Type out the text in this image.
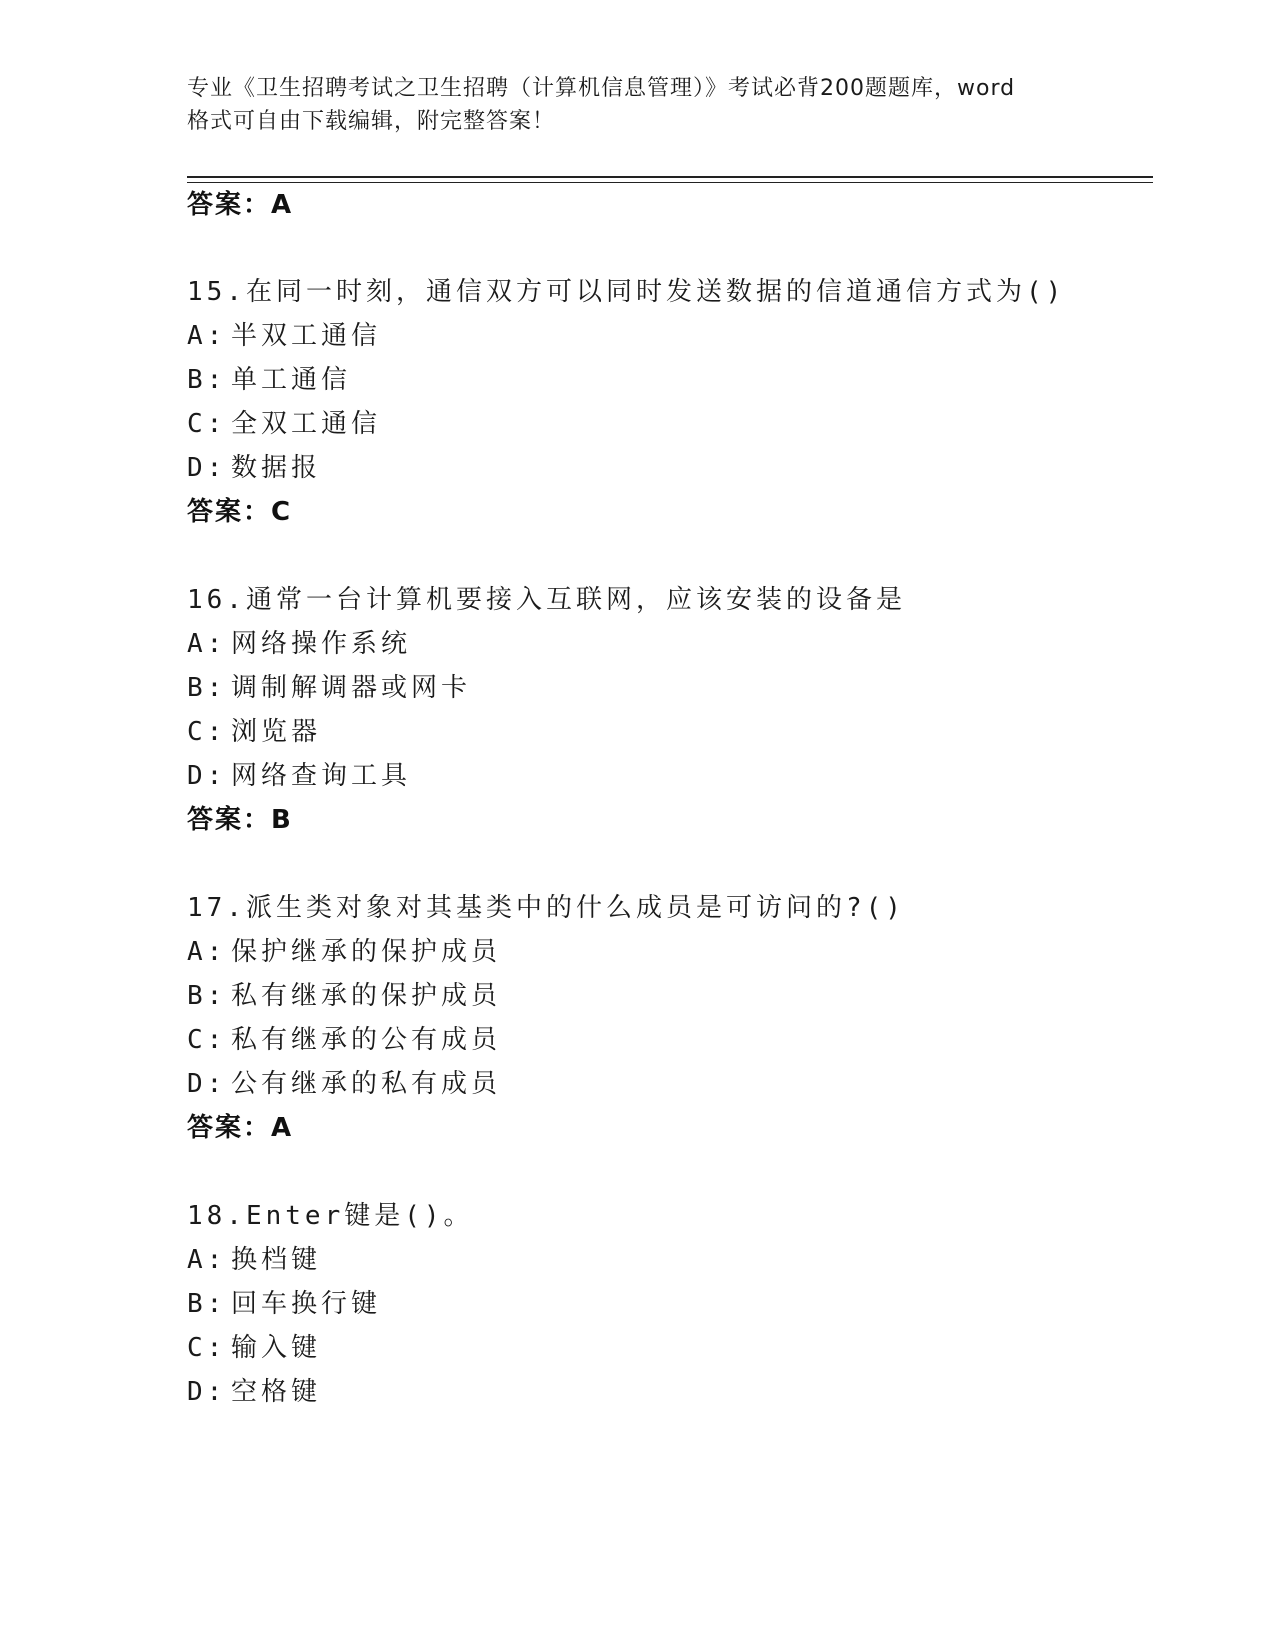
专业《卫生招聘考试之卫生招聘（计算机信息管理）》考试必背200题题库，word
格式可自由下载编辑，附完整答案！
答案：A
15.在同一时刻，通信双方可以同时发送数据的信道通信方式为()
A: 半双工通信
B: 单工通信
C: 全双工通信
D: 数据报
答案：C
16.通常一台计算机要接入互联网，应该安装的设备是
A: 网络操作系统
B: 调制解调器或网卡
C: 浏览器
D: 网络查询工具
答案：B
17.派生类对象对其基类中的什么成员是可访问的?()
A: 保护继承的保护成员
B: 私有继承的保护成员
C: 私有继承的公有成员
D: 公有继承的私有成员
答案：A
18.Enter键是()。
A: 换档键
B: 回车换行键
C: 输入键
D: 空格键
